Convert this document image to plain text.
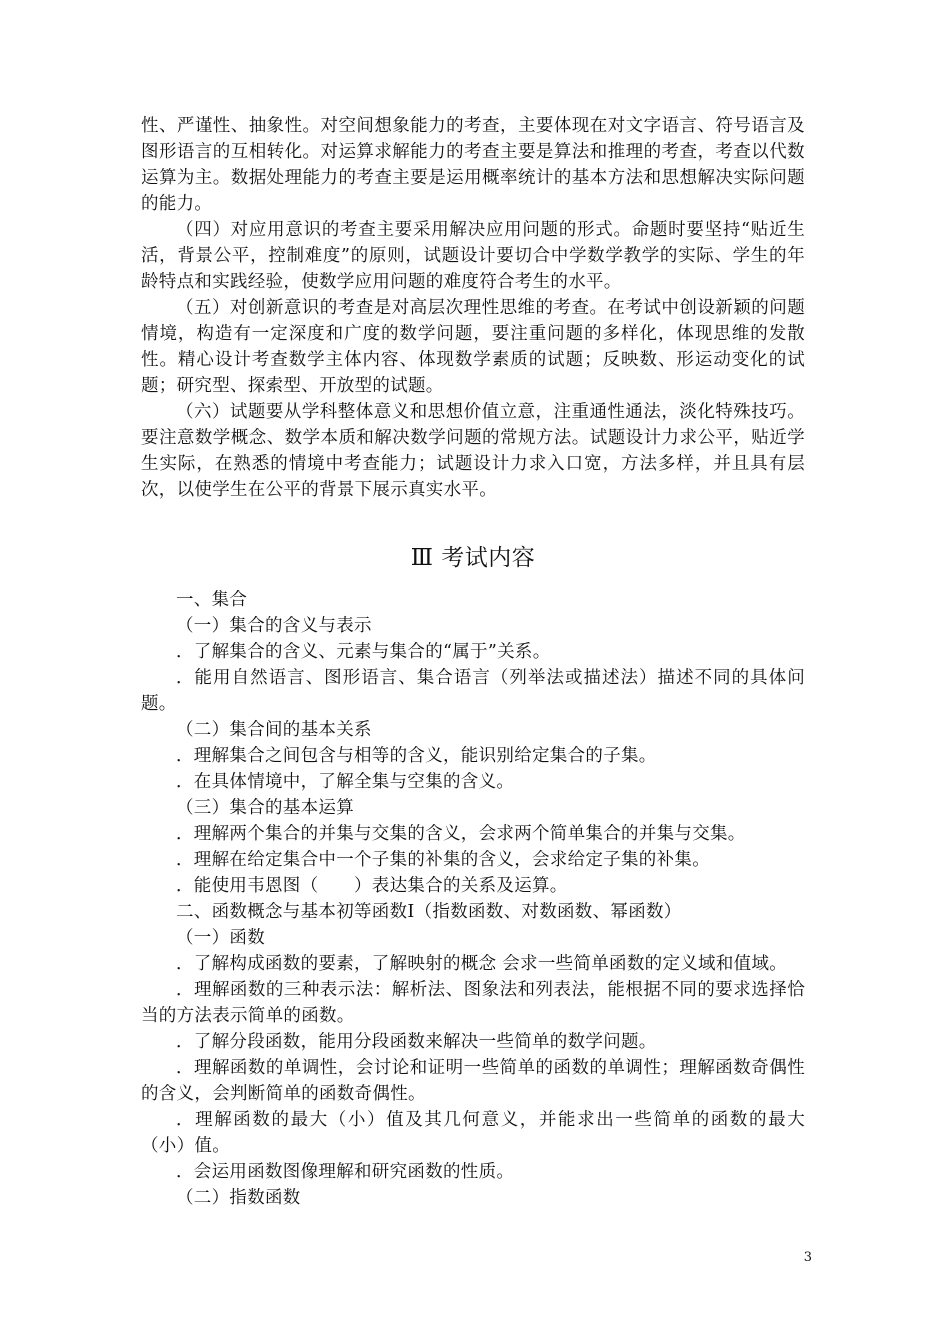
性、严谨性、抽象性。对空间想象能力的考查，主要体现在对文字语言、符号语言及图形语言的互相转化。对运算求解能力的考查主要是算法和推理的考查，考查以代数运算为主。数据处理能力的考查主要是运用概率统计的基本方法和思想解决实际问题的能力。

（四）对应用意识的考查主要采用解决应用问题的形式。命题时要坚持“贴近生活，背景公平，控制难度”的原则，试题设计要切合中学数学教学的实际、学生的年龄特点和实践经验，使数学应用问题的难度符合考生的水平。

（五）对创新意识的考查是对高层次理性思维的考查。在考试中创设新颖的问题情境，构造有一定深度和广度的数学问题，要注重问题的多样化，体现思维的发散性。精心设计考查数学主体内容、体现数学素质的试题；反映数、形运动变化的试题；研究型、探索型、开放型的试题。

（六）试题要从学科整体意义和思想价值立意，注重通性通法，淡化特殊技巧。要注意数学概念、数学本质和解决数学问题的常规方法。试题设计力求公平，贴近学生实际，在熟悉的情境中考查能力；试题设计力求入口宽，方法多样，并且具有层次，以使学生在公平的背景下展示真实水平。

Ⅲ 考试内容

一、集合

（一）集合的含义与表示

．了解集合的含义、元素与集合的“属于”关系。

．能用自然语言、图形语言、集合语言（列举法或描述法）描述不同的具体问题。

（二）集合间的基本关系

．理解集合之间包含与相等的含义，能识别给定集合的子集。

．在具体情境中，了解全集与空集的含义。

（三）集合的基本运算

．理解两个集合的并集与交集的含义，会求两个简单集合的并集与交集。

．理解在给定集合中一个子集的补集的含义，会求给定子集的补集。

．能使用韦恩图（　　）表达集合的关系及运算。

二、函数概念与基本初等函数Ⅰ（指数函数、对数函数、幂函数）

（一）函数

．了解构成函数的要素，了解映射的概念 会求一些简单函数的定义域和值域。

．理解函数的三种表示法：解析法、图象法和列表法，能根据不同的要求选择恰当的方法表示简单的函数。

．了解分段函数，能用分段函数来解决一些简单的数学问题。

．理解函数的单调性，会讨论和证明一些简单的函数的单调性；理解函数奇偶性的含义，会判断简单的函数奇偶性。

．理解函数的最大（小）值及其几何意义，并能求出一些简单的函数的最大（小）值。

．会运用函数图像理解和研究函数的性质。

（二）指数函数

3
